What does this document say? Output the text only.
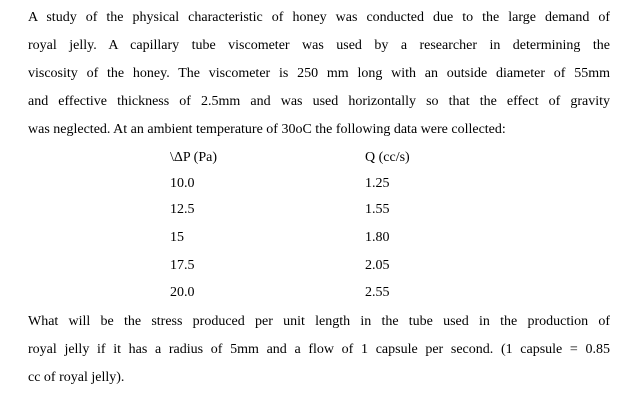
A study of the physical characteristic of honey was conducted due to the large demand of
royal jelly. A capillary tube viscometer was used by a researcher in determining the
viscosity of the honey. The viscometer is 250 mm long with an outside diameter of 55mm
and effective thickness of 2.5mm and was used horizontally so that the effect of gravity
was neglected. At an ambient temperature of 30oC the following data were collected:
\ΔP (Pa)	Q (cc/s)
10.0	1.25
12.5	1.55
15	1.80
17.5	2.05
20.0	2.55
What will be the stress produced per unit length in the tube used in the production of
royal jelly if it has a radius of 5mm and a flow of 1 capsule per second. (1 capsule = 0.85
cc of royal jelly).
